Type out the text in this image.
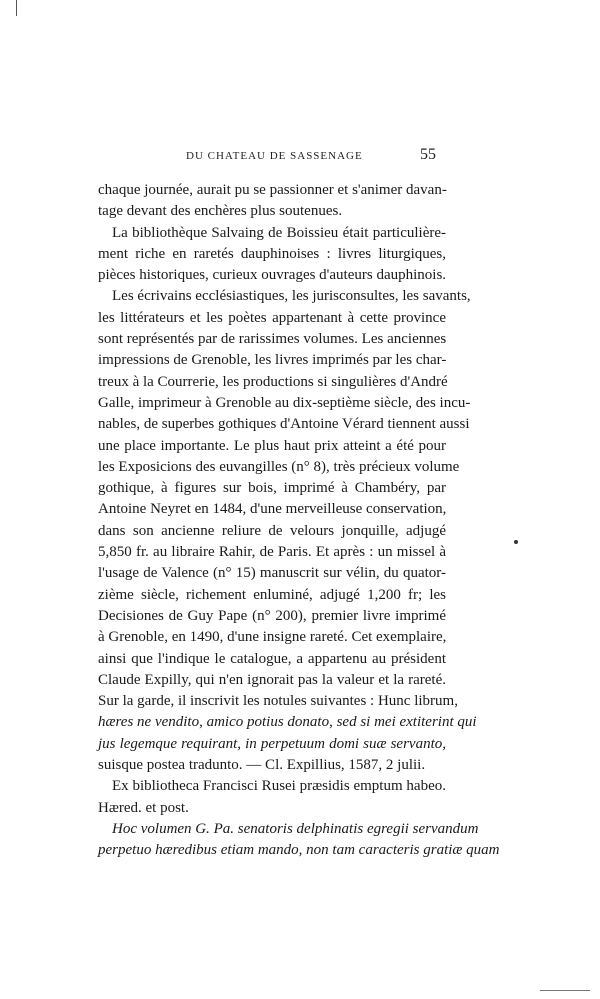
DU CHATEAU DE SASSENAGE	55
chaque journée, aurait pu se passionner et s'animer davan-
tage devant des enchères plus soutenues.
La bibliothèque Salvaing de Boissieu était particulière-
ment riche en raretés dauphinoises : livres liturgiques,
pièces historiques, curieux ouvrages d'auteurs dauphinois.
Les écrivains ecclésiastiques, les jurisconsultes, les savants,
les littérateurs et les poètes appartenant à cette province
sont représentés par de rarissimes volumes. Les anciennes
impressions de Grenoble, les livres imprimés par les char-
treux à la Courrerie, les productions si singulières d'André
Galle, imprimeur à Grenoble au dix-septième siècle, des incu-
nables, de superbes gothiques d'Antoine Vérard tiennent aussi
une place importante. Le plus haut prix atteint a été pour
les Exposicions des euvangilles (n° 8), très précieux volume
gothique, à figures sur bois, imprimé à Chambéry, par
Antoine Neyret en 1484, d'une merveilleuse conservation,
dans son ancienne reliure de velours jonquille, adjugé
5,850 fr. au libraire Rahir, de Paris. Et après : un missel à
l'usage de Valence (n° 15) manuscrit sur vélin, du quator-
zième siècle, richement enluminé, adjugé 1,200 fr; les
Decisiones de Guy Pape (n° 200), premier livre imprimé
à Grenoble, en 1490, d'une insigne rareté. Cet exemplaire,
ainsi que l'indique le catalogue, a appartenu au président
Claude Expilly, qui n'en ignorait pas la valeur et la rareté.
Sur la garde, il inscrivit les notules suivantes : Hunc librum,
hæres ne vendito, amico potius donato, sed si mei extiterint qui
jus legemque requirant, in perpetuum domi suæ servanto,
suisque postea tradunto. — Cl. Expillius, 1587, 2 julii.
Ex bibliotheca Francisci Rusei præsidis emptum habeo.
Hæred. et post.
Hoc volumen G. Pa. senatoris delphinatis egregii servandum
perpetuo hæredibus etiam mando, non tam caracteris gratiæ quam
